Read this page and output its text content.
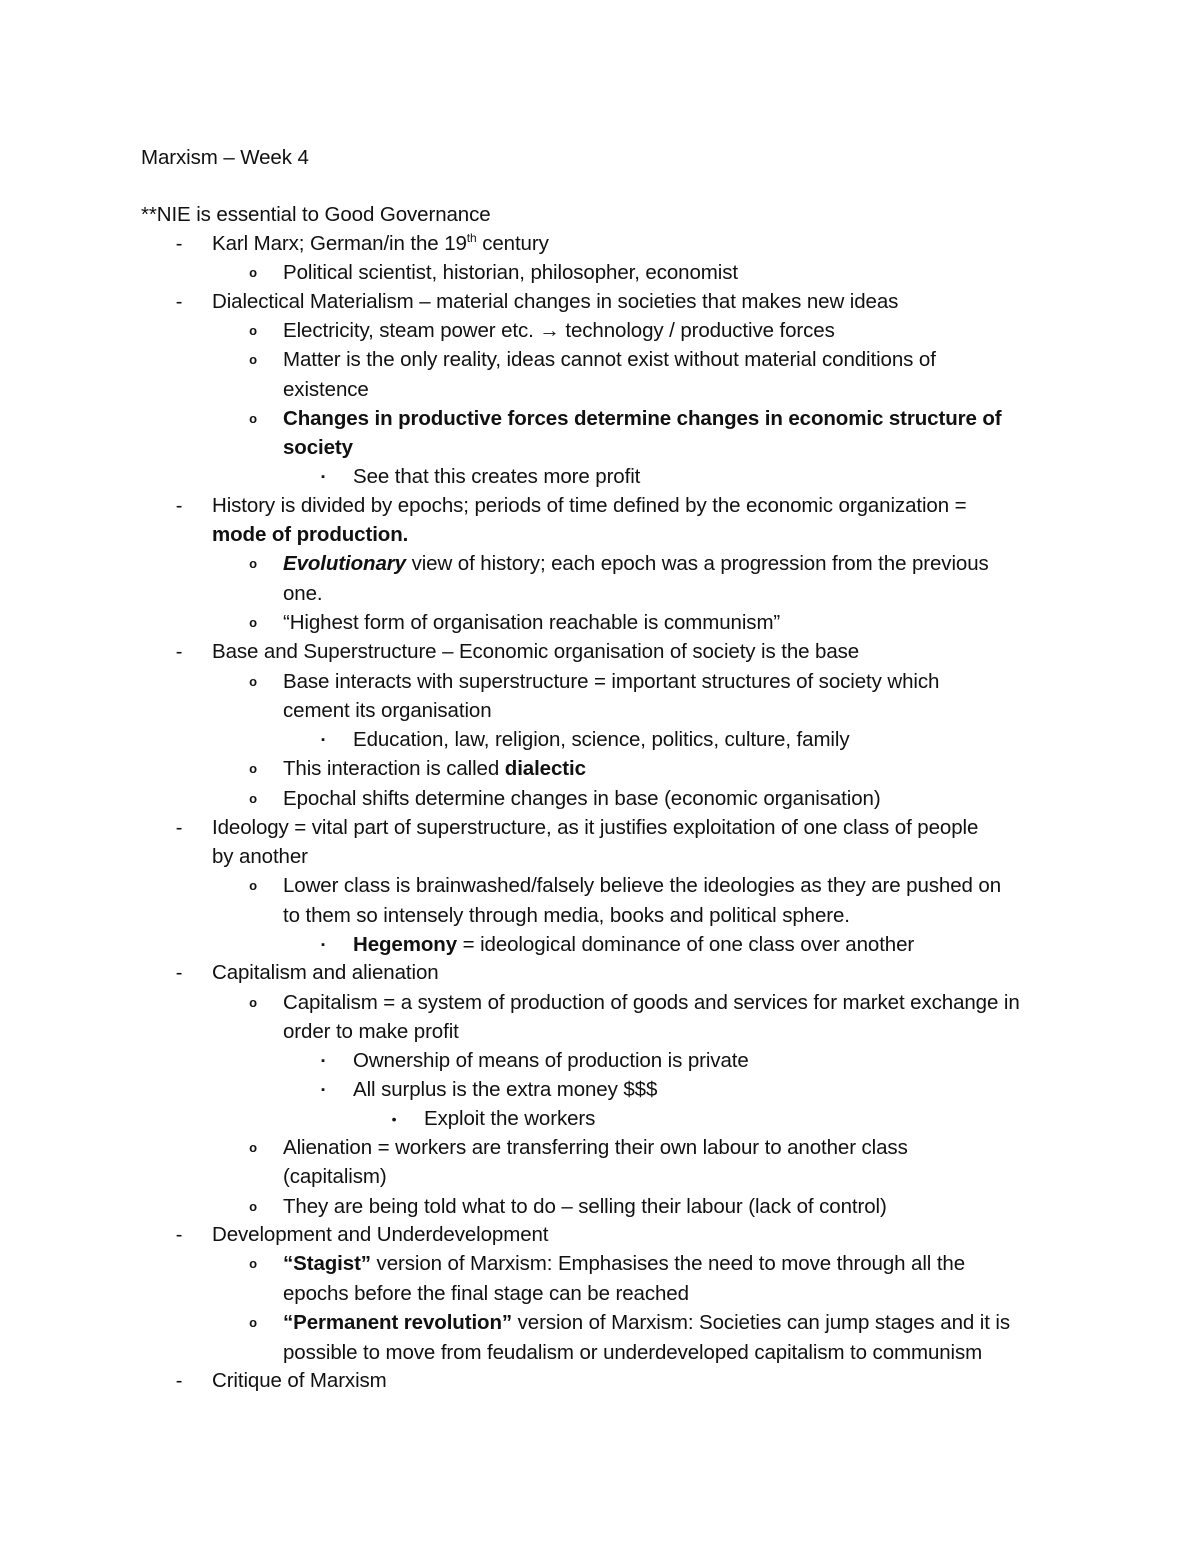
Marxism – Week 4
**NIE is essential to Good Governance
- Karl Marx; German/in the 19th century
o Political scientist, historian, philosopher, economist
- Dialectical Materialism – material changes in societies that makes new ideas
o Electricity, steam power etc. → technology / productive forces
o Matter is the only reality, ideas cannot exist without material conditions of
existence
o Changes in productive forces determine changes in economic structure of
society
▪ See that this creates more profit
- History is divided by epochs; periods of time defined by the economic organization =
mode of production.
o Evolutionary view of history; each epoch was a progression from the previous
one.
o “Highest form of organisation reachable is communism”
- Base and Superstructure – Economic organisation of society is the base
o Base interacts with superstructure = important structures of society which
cement its organisation
▪ Education, law, religion, science, politics, culture, family
o This interaction is called dialectic
o Epochal shifts determine changes in base (economic organisation)
- Ideology = vital part of superstructure, as it justifies exploitation of one class of people
by another
o Lower class is brainwashed/falsely believe the ideologies as they are pushed on
to them so intensely through media, books and political sphere.
▪ Hegemony = ideological dominance of one class over another
- Capitalism and alienation
o Capitalism = a system of production of goods and services for market exchange in
order to make profit
▪ Ownership of means of production is private
▪ All surplus is the extra money $$$
• Exploit the workers
o Alienation = workers are transferring their own labour to another class
(capitalism)
o They are being told what to do – selling their labour (lack of control)
- Development and Underdevelopment
o “Stagist” version of Marxism: Emphasises the need to move through all the
epochs before the final stage can be reached
o “Permanent revolution” version of Marxism: Societies can jump stages and it is
possible to move from feudalism or underdeveloped capitalism to communism
- Critique of Marxism
